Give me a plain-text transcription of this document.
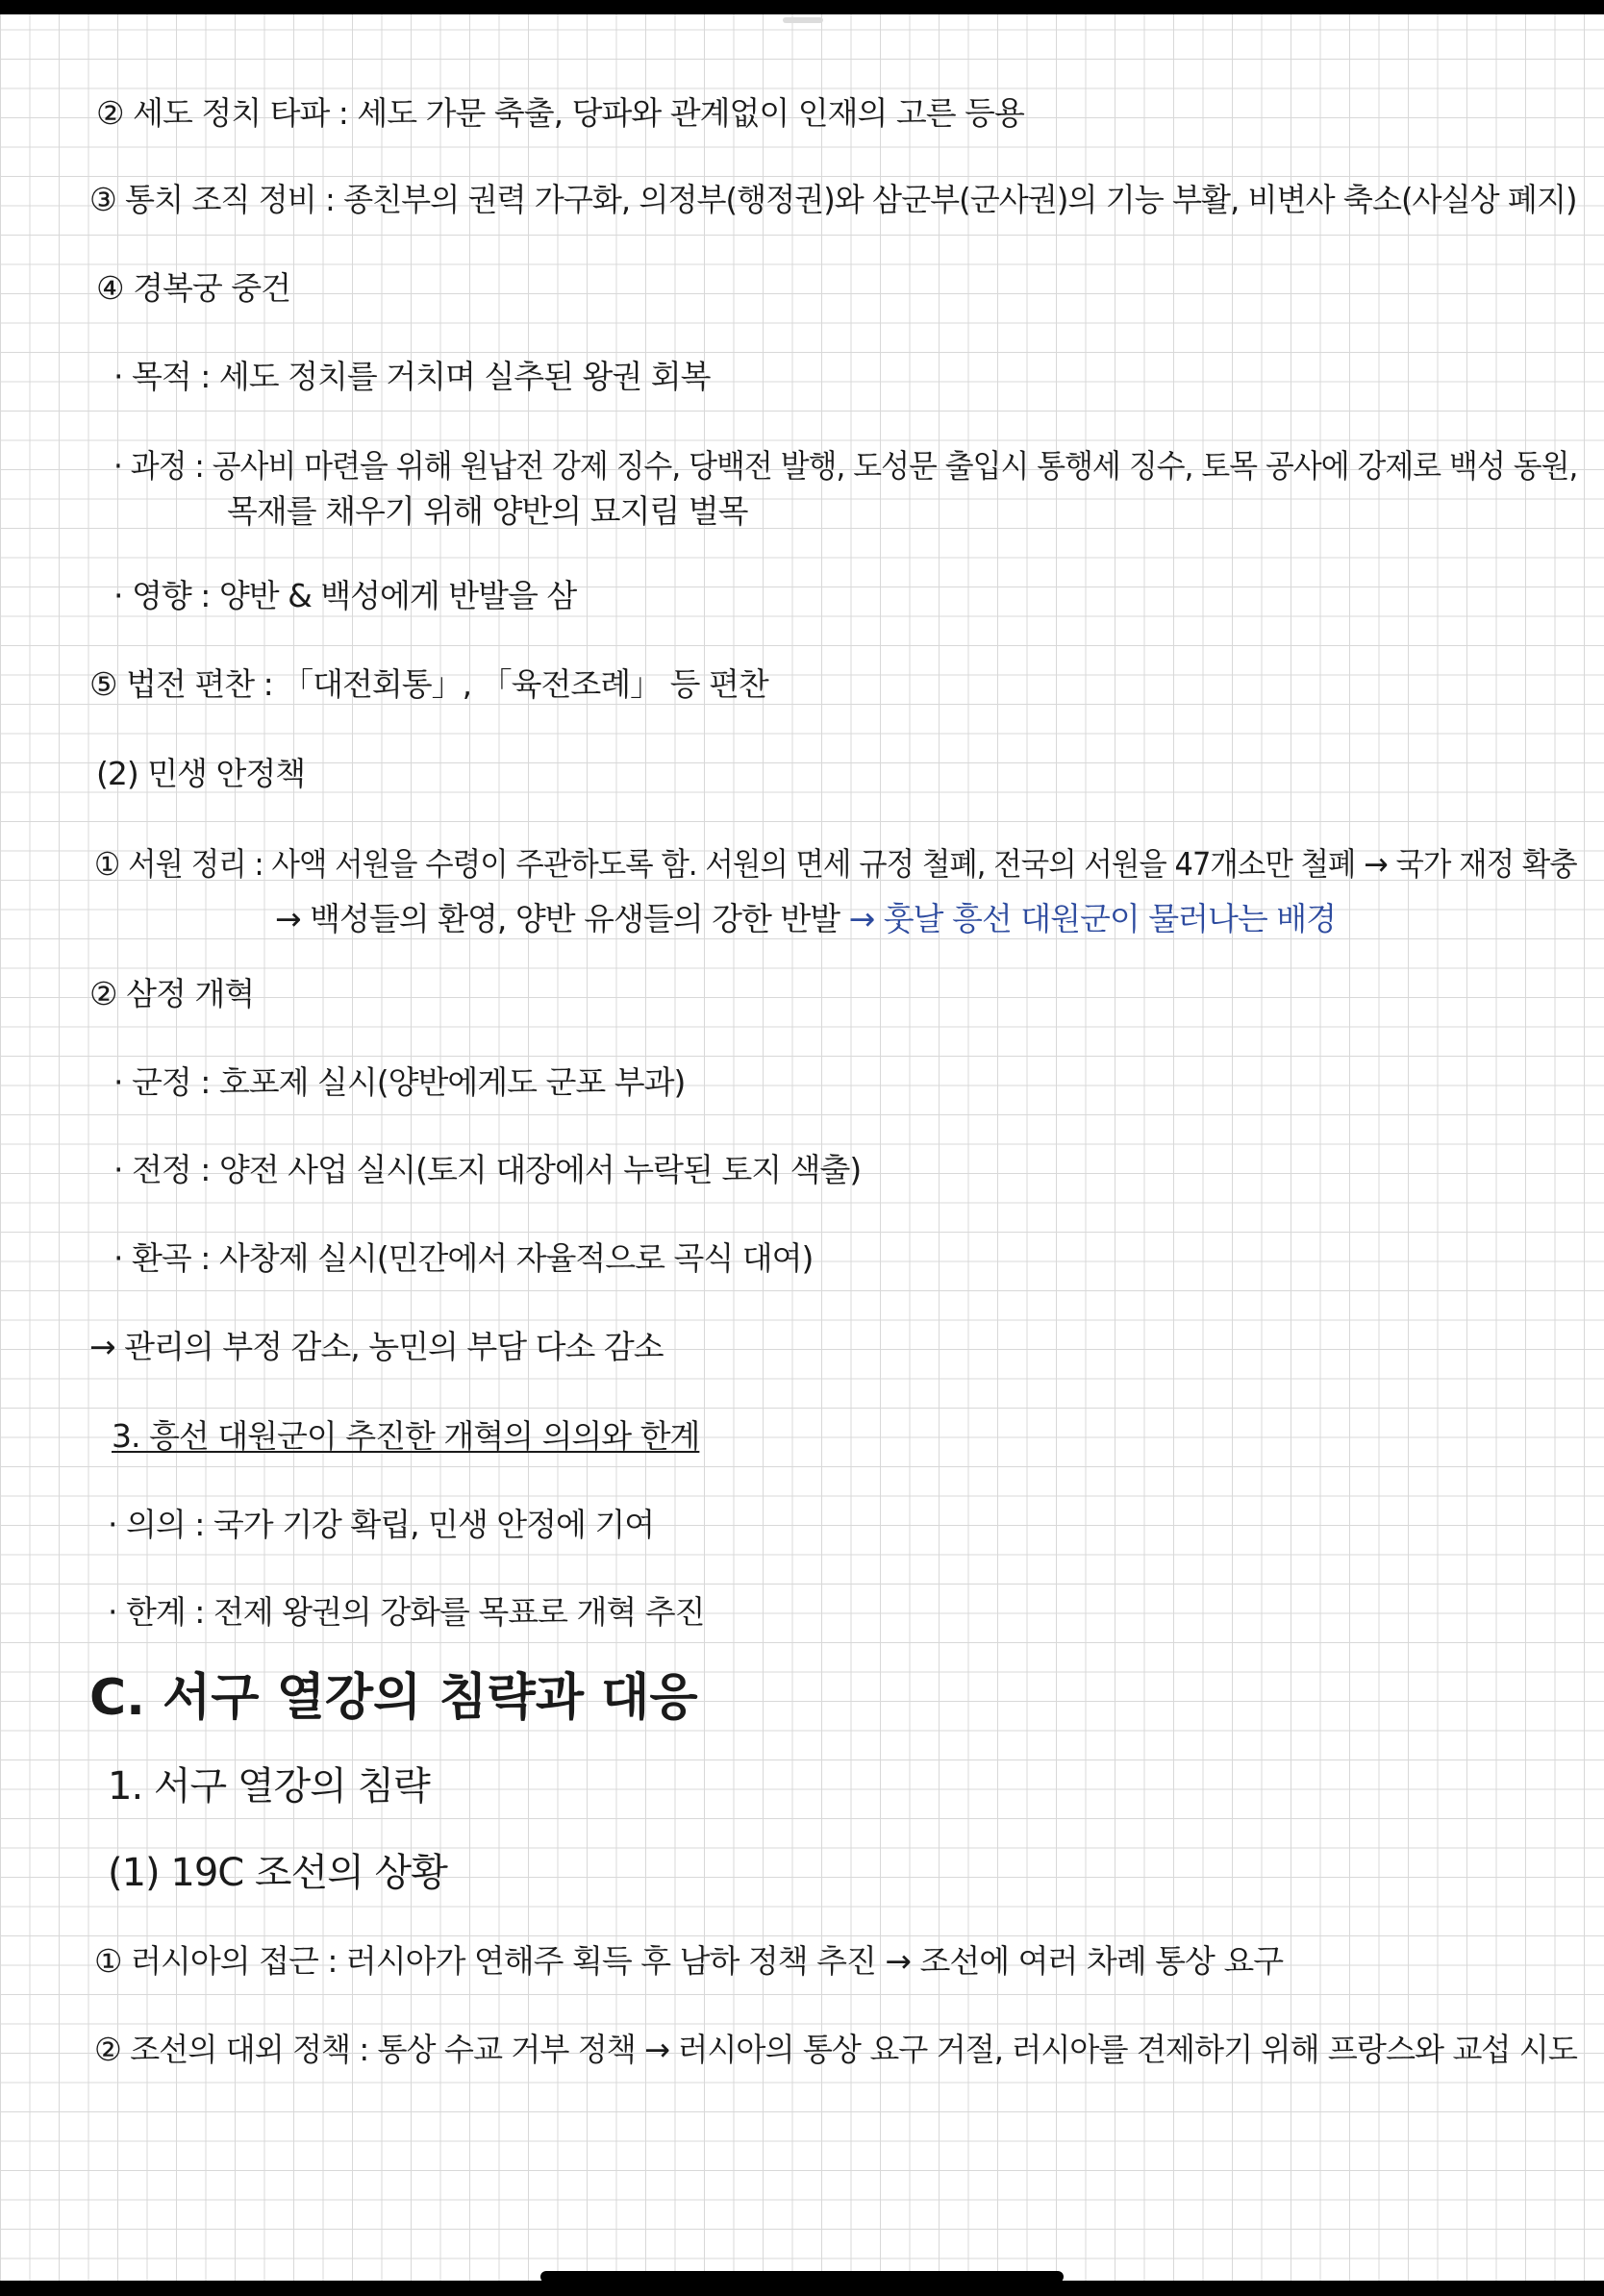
② 세도 정치 타파 : 세도 가문 축출, 당파와 관계없이 인재의 고른 등용
③ 통치 조직 정비 : 종친부의 권력 가구화, 의정부(행정권)와 삼군부(군사권)의 기능 부활, 비변사 축소(사실상 폐지)
④ 경복궁 중건
· 목적 : 세도 정치를 거치며 실추된 왕권 회복
· 과정 : 공사비 마련을 위해 원납전 강제 징수, 당백전 발행, 도성문 출입시 통행세 징수, 토목 공사에 강제로 백성 동원,
목재를 채우기 위해 양반의 묘지림 벌목
· 영향 : 양반 & 백성에게 반발을 삼
⑤ 법전 편찬 : 「대전회통」, 「육전조례」 등 편찬
(2) 민생 안정책
① 서원 정리 : 사액 서원을 수령이 주관하도록 함. 서원의 면세 규정 철폐, 전국의 서원을 47개소만 철폐 → 국가 재정 확충
→ 백성들의 환영, 양반 유생들의 강한 반발 → 훗날 흥선 대원군이 물러나는 배경
② 삼정 개혁
· 군정 : 호포제 실시(양반에게도 군포 부과)
· 전정 : 양전 사업 실시(토지 대장에서 누락된 토지 색출)
· 환곡 : 사창제 실시(민간에서 자율적으로 곡식 대여)
→ 관리의 부정 감소, 농민의 부담 다소 감소
3. 흥선 대원군이 추진한 개혁의 의의와 한계
· 의의 : 국가 기강 확립, 민생 안정에 기여
· 한계 : 전제 왕권의 강화를 목표로 개혁 추진
C. 서구 열강의 침략과 대응
1. 서구 열강의 침략
(1) 19C 조선의 상황
① 러시아의 접근 : 러시아가 연해주 획득 후 남하 정책 추진 → 조선에 여러 차례 통상 요구
② 조선의 대외 정책 : 통상 수교 거부 정책 → 러시아의 통상 요구 거절, 러시아를 견제하기 위해 프랑스와 교섭 시도
